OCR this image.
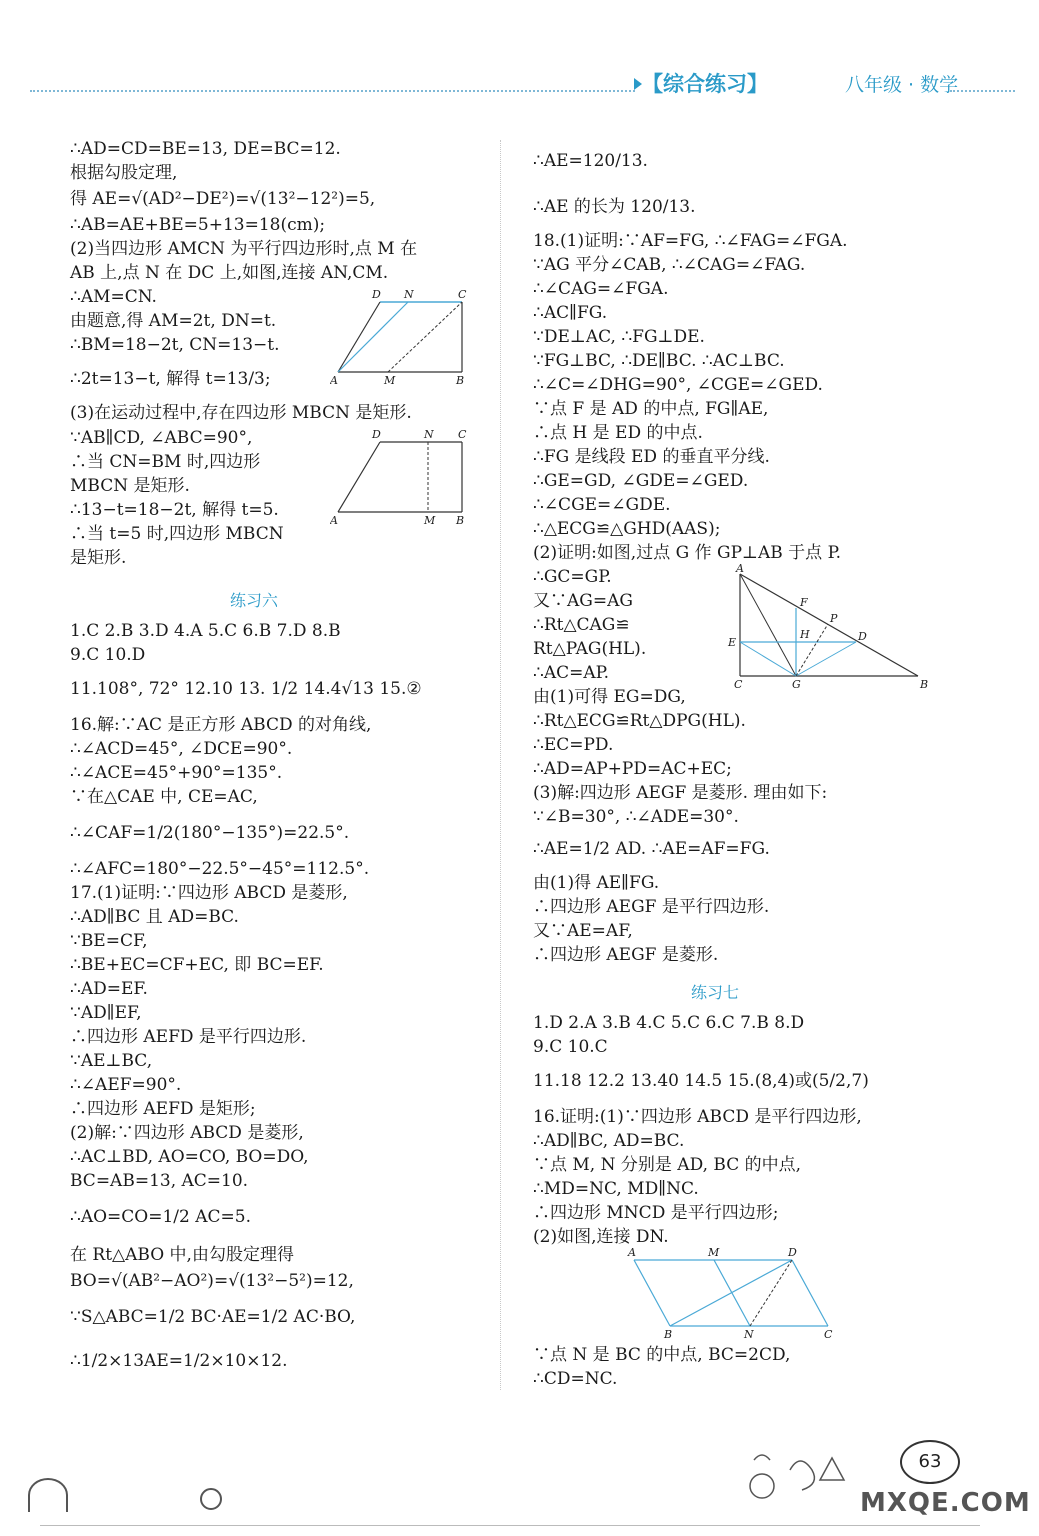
【综合练习】	八年级 · 数学
∴AD=CD=BE=13, DE=BC=12.
根据勾股定理,
得 AE=√(AD²−DE²)=√(13²−12²)=5,
∴AB=AE+BE=5+13=18(cm);
(2)当四边形 AMCN 为平行四边形时,点 M 在
AB 上,点 N 在 DC 上,如图,连接 AN,CM.
∴AM=CN.
由题意,得 AM=2t, DN=t.
∴BM=18−2t, CN=13−t.
∴2t=13−t, 解得 t=13/3;
(3)在运动过程中,存在四边形 MBCN 是矩形.
∵AB∥CD, ∠ABC=90°,
∴当 CN=BM 时,四边形
MBCN 是矩形.
∴13−t=18−2t, 解得 t=5.
∴当 t=5 时,四边形 MBCN
是矩形.
练习六
1.C 2.B 3.D 4.A 5.C 6.B 7.D 8.B
9.C 10.D
11.108°, 72° 12.10 13. 1/2 14.4√13 15.②
16.解:∵AC 是正方形 ABCD 的对角线,
∴∠ACD=45°, ∠DCE=90°.
∴∠ACE=45°+90°=135°.
∵在△CAE 中, CE=AC,
∴∠CAF=1/2(180°−135°)=22.5°.
∴∠AFC=180°−22.5°−45°=112.5°.
17.(1)证明:∵四边形 ABCD 是菱形,
∴AD∥BC 且 AD=BC.
∵BE=CF,
∴BE+EC=CF+EC, 即 BC=EF.
∴AD=EF.
∵AD∥EF,
∴四边形 AEFD 是平行四边形.
∵AE⊥BC,
∴∠AEF=90°.
∴四边形 AEFD 是矩形;
(2)解:∵四边形 ABCD 是菱形,
∴AC⊥BD, AO=CO, BO=DO,
BC=AB=13, AC=10.
∴AO=CO=1/2 AC=5.
在 Rt△ABO 中,由勾股定理得
BO=√(AB²−AO²)=√(13²−5²)=12,
∵S△ABC=1/2 BC·AE=1/2 AC·BO,
∴1/2×13AE=1/2×10×12.
D N	C
A	M	B
D	N C
A	M B
∴AE=120/13.
∴AE 的长为 120/13.
18.(1)证明:∵AF=FG, ∴∠FAG=∠FGA.
∵AG 平分∠CAB, ∴∠CAG=∠FAG.
∴∠CAG=∠FGA.
∴AC∥FG.
∵DE⊥AC, ∴FG⊥DE.
∵FG⊥BC, ∴DE∥BC. ∴AC⊥BC.
∴∠C=∠DHG=90°, ∠CGE=∠GED.
∵点 F 是 AD 的中点, FG∥AE,
∴点 H 是 ED 的中点.
∴FG 是线段 ED 的垂直平分线.
∴GE=GD, ∠GDE=∠GED.
∴∠CGE=∠GDE.
∴△ECG≌△GHD(AAS);
(2)证明:如图,过点 G 作 GP⊥AB 于点 P.
∴GC=GP.
又∵AG=AG
∴Rt△CAG≌
Rt△PAG(HL).
∴AC=AP.
由(1)可得 EG=DG,
∴Rt△ECG≌Rt△DPG(HL).
∴EC=PD.
∴AD=AP+PD=AC+EC;
(3)解:四边形 AEGF 是菱形. 理由如下:
∵∠B=30°, ∴∠ADE=30°.
∴AE=1/2 AD. ∴AE=AF=FG.
由(1)得 AE∥FG.
∴四边形 AEGF 是平行四边形.
又∵AE=AF,
∴四边形 AEGF 是菱形.
练习七
1.D 2.A 3.B 4.C 5.C 6.C 7.B 8.D
9.C 10.C
11.18 12.2 13.40 14.5 15.(8,4)或(5/2,7)
16.证明:(1)∵四边形 ABCD 是平行四边形,
∴AD∥BC, AD=BC.
∵点 M, N 分别是 AD, BC 的中点,
∴MD=NC, MD∥NC.
∴四边形 MNCD 是平行四边形;
(2)如图,连接 DN.
∵点 N 是 BC 的中点, BC=2CD,
∴CD=NC.
A
F
P
E
H	D
C	G	B
A	M	D
B	N	C
63
MXQE.COM
